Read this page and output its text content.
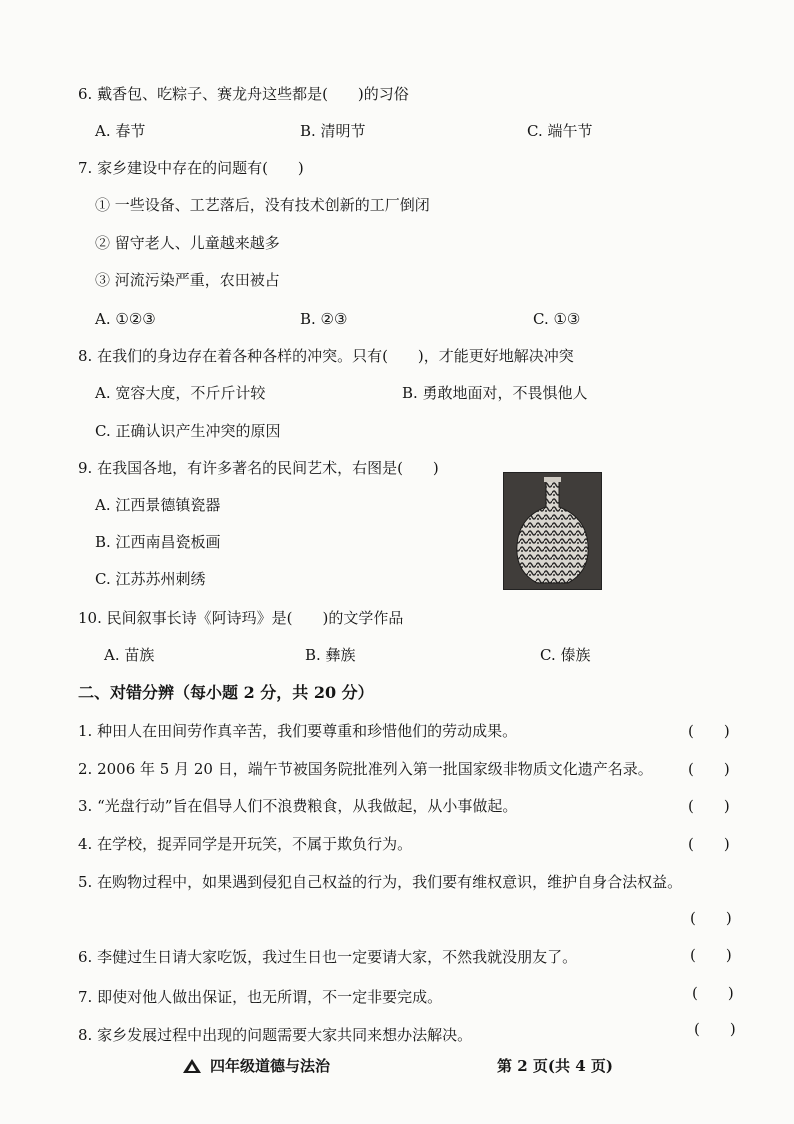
6. 戴香包、吃粽子、赛龙舟这些都是(　　)的习俗
A. 春节	B. 清明节	C. 端午节
7. 家乡建设中存在的问题有(　　)
① 一些设备、工艺落后，没有技术创新的工厂倒闭
② 留守老人、儿童越来越多
③ 河流污染严重，农田被占
A. ①②③	B. ②③	C. ①③
8. 在我们的身边存在着各种各样的冲突。只有(　　)，才能更好地解决冲突
A. 宽容大度，不斤斤计较	B. 勇敢地面对，不畏惧他人
C. 正确认识产生冲突的原因
9. 在我国各地，有许多著名的民间艺术，右图是(　　)
A. 江西景德镇瓷器
B. 江西南昌瓷板画
C. 江苏苏州刺绣
10. 民间叙事长诗《阿诗玛》是(　　)的文学作品
A. 苗族	B. 彝族	C. 傣族
二、对错分辨（每小题 2 分，共 20 分）
1. 种田人在田间劳作真辛苦，我们要尊重和珍惜他们的劳动成果。	(　　)
2. 2006 年 5 月 20 日，端午节被国务院批准列入第一批国家级非物质文化遗产名录。 (　　)
3. “光盘行动”旨在倡导人们不浪费粮食，从我做起，从小事做起。	(　　)
4. 在学校，捉弄同学是开玩笑，不属于欺负行为。	(　　)
5. 在购物过程中，如果遇到侵犯自己权益的行为，我们要有维权意识，维护自身合法权益。
(　　)
6. 李健过生日请大家吃饭，我过生日也一定要请大家，不然我就没朋友了。	(　　)
7. 即使对他人做出保证，也无所谓，不一定非要完成。	(　　)
8. 家乡发展过程中出现的问题需要大家共同来想办法解决。	(　　)
四年级道德与法治	第 2 页(共 4 页)
